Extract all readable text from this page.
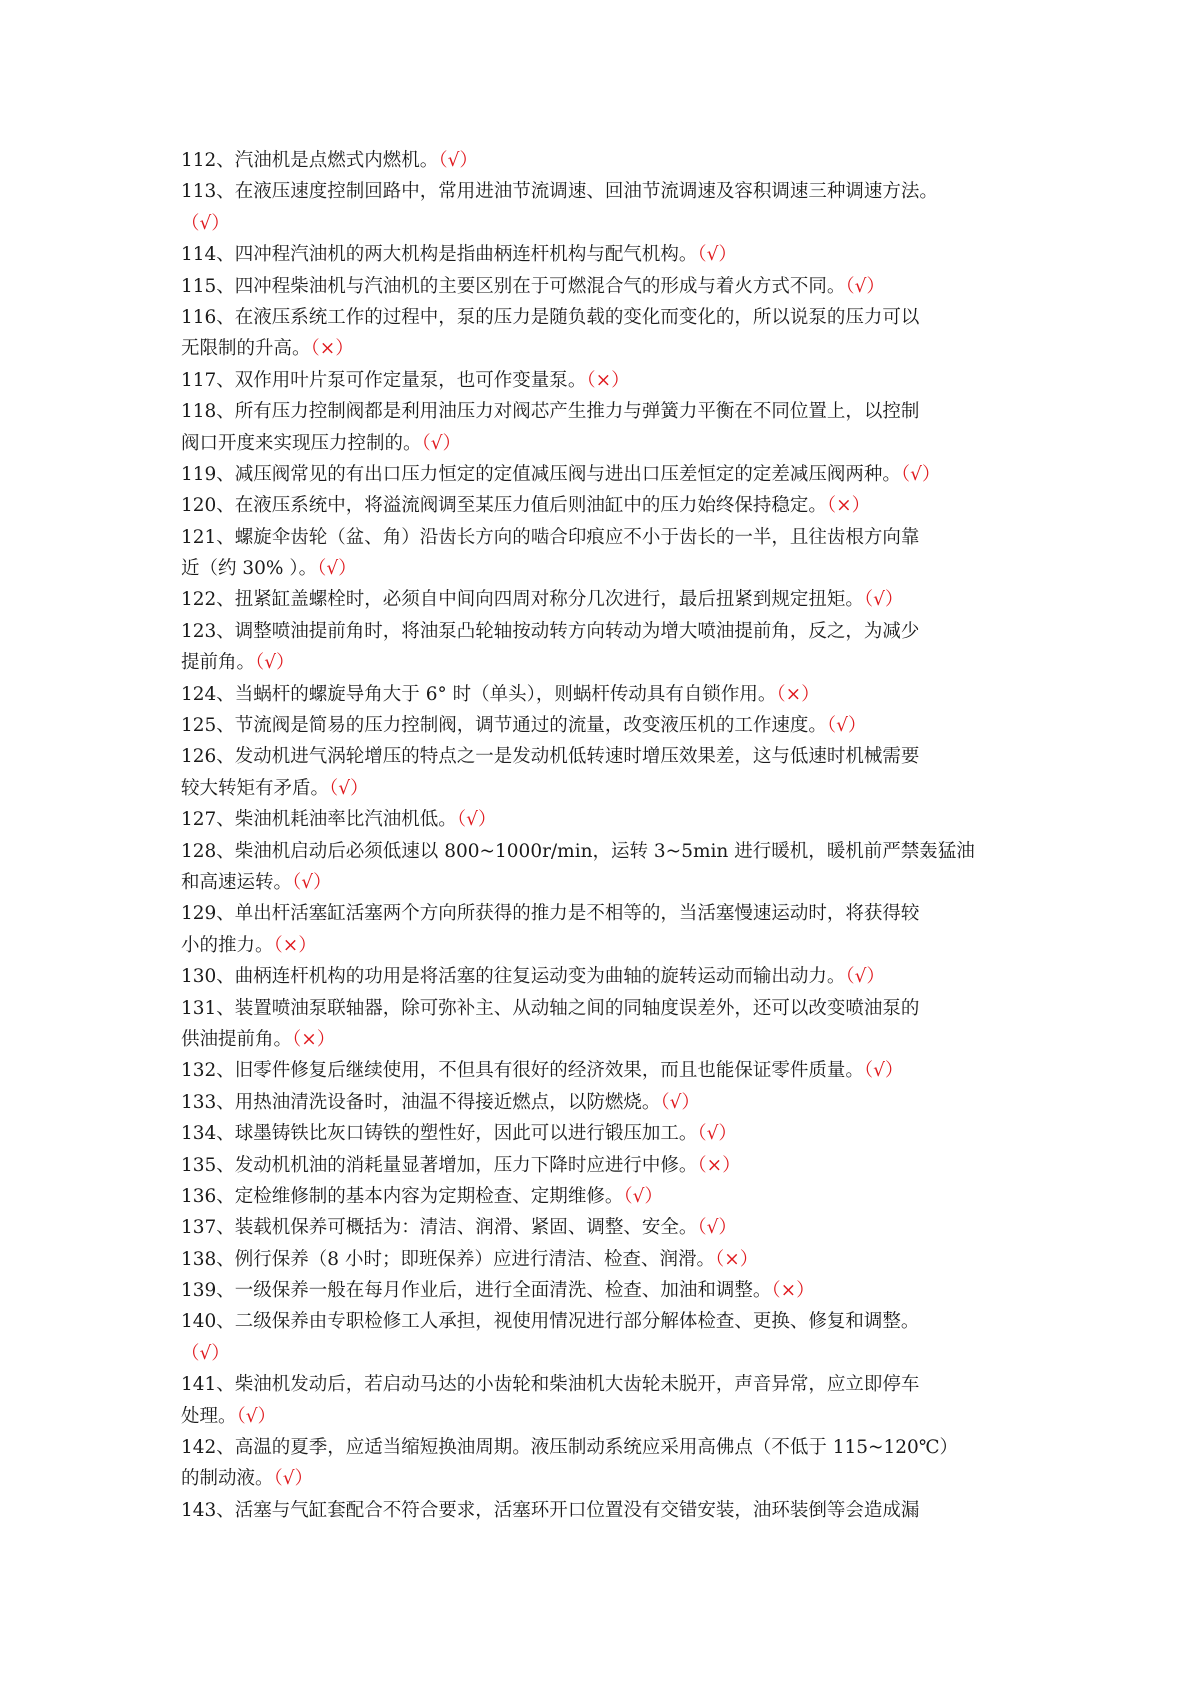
112、汽油机是点燃式内燃机。（√）
113、在液压速度控制回路中，常用进油节流调速、回油节流调速及容积调速三种调速方法。
（√）
114、四冲程汽油机的两大机构是指曲柄连杆机构与配气机构。（√）
115、四冲程柴油机与汽油机的主要区别在于可燃混合气的形成与着火方式不同。（√）
116、在液压系统工作的过程中，泵的压力是随负载的变化而变化的，所以说泵的压力可以
无限制的升高。（×）
117、双作用叶片泵可作定量泵，也可作变量泵。（×）
118、所有压力控制阀都是利用油压力对阀芯产生推力与弹簧力平衡在不同位置上，以控制
阀口开度来实现压力控制的。（√）
119、减压阀常见的有出口压力恒定的定值减压阀与进出口压差恒定的定差减压阀两种。（√）
120、在液压系统中，将溢流阀调至某压力值后则油缸中的压力始终保持稳定。（×）
121、螺旋伞齿轮（盆、角）沿齿长方向的啮合印痕应不小于齿长的一半，且往齿根方向靠
近（约 30% ）。（√）
122、扭紧缸盖螺栓时，必须自中间向四周对称分几次进行，最后扭紧到规定扭矩。（√）
123、调整喷油提前角时，将油泵凸轮轴按动转方向转动为增大喷油提前角，反之，为减少
提前角。（√）
124、当蜗杆的螺旋导角大于 6° 时（单头），则蜗杆传动具有自锁作用。（×）
125、节流阀是简易的压力控制阀，调节通过的流量，改变液压机的工作速度。（√）
126、发动机进气涡轮增压的特点之一是发动机低转速时增压效果差，这与低速时机械需要
较大转矩有矛盾。（√）
127、柴油机耗油率比汽油机低。（√）
128、柴油机启动后必须低速以 800~1000r/min，运转 3~5min 进行暖机，暖机前严禁轰猛油
和高速运转。（√）
129、单出杆活塞缸活塞两个方向所获得的推力是不相等的，当活塞慢速运动时，将获得较
小的推力。（×）
130、曲柄连杆机构的功用是将活塞的往复运动变为曲轴的旋转运动而输出动力。（√）
131、装置喷油泵联轴器，除可弥补主、从动轴之间的同轴度误差外，还可以改变喷油泵的
供油提前角。（×）
132、旧零件修复后继续使用，不但具有很好的经济效果，而且也能保证零件质量。（√）
133、用热油清洗设备时，油温不得接近燃点，以防燃烧。（√）
134、球墨铸铁比灰口铸铁的塑性好，因此可以进行锻压加工。（√）
135、发动机机油的消耗量显著增加，压力下降时应进行中修。（×）
136、定检维修制的基本内容为定期检查、定期维修。（√）
137、装载机保养可概括为：清洁、润滑、紧固、调整、安全。（√）
138、例行保养（8 小时；即班保养）应进行清洁、检查、润滑。（×）
139、一级保养一般在每月作业后，进行全面清洗、检查、加油和调整。（×）
140、二级保养由专职检修工人承担，视使用情况进行部分解体检查、更换、修复和调整。
（√）
141、柴油机发动后，若启动马达的小齿轮和柴油机大齿轮未脱开，声音异常，应立即停车
处理。（√）
142、高温的夏季，应适当缩短换油周期。液压制动系统应采用高佛点（不低于 115~120℃）
的制动液。（√）
143、活塞与气缸套配合不符合要求，活塞环开口位置没有交错安装，油环装倒等会造成漏
